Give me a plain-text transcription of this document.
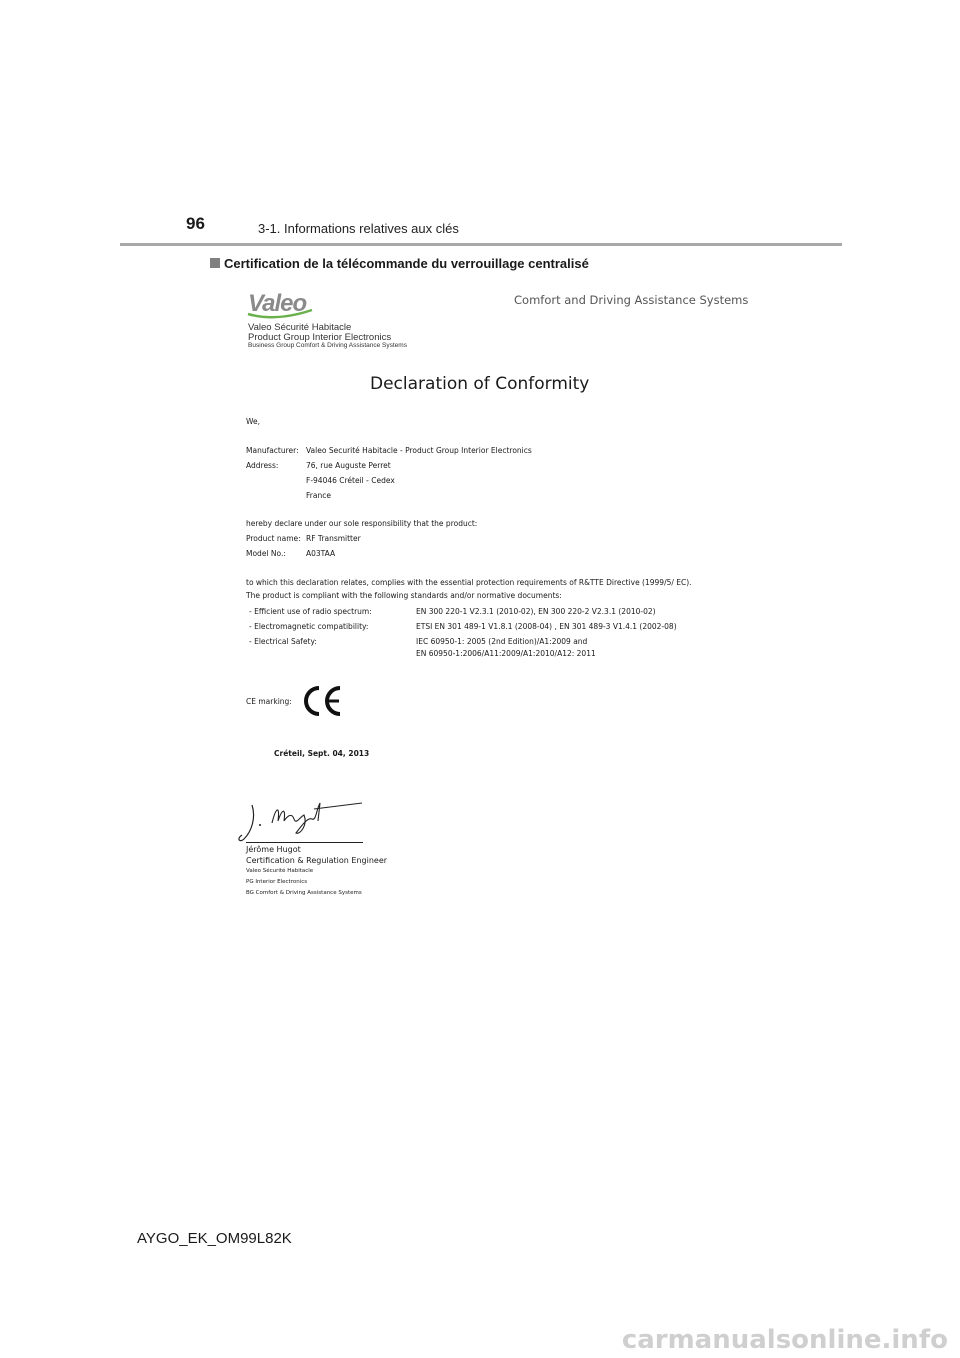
96	3-1. Informations relatives aux clés
Certification de la télécommande du verrouillage centralisé
Valeo	Comfort and Driving Assistance Systems
Valeo Sécurité Habitacle
Product Group Interior Electronics
Business Group Comfort & Driving Assistance Systems
Declaration of Conformity
We,
Manufacturer: Valeo Securité Habitacle - Product Group Interior Electronics
Address:	76, rue Auguste Perret
F-94046 Créteil - Cedex
France
hereby declare under our sole responsibility that the product:
Product name: RF Transmitter
Model No.:	A03TAA
to which this declaration relates, complies with the essential protection requirements of R&TTE Directive (1999/5/ EC).
The product is compliant with the following standards and/or normative documents:
- Efficient use of radio spectrum:	EN 300 220-1 V2.3.1 (2010-02), EN 300 220-2 V2.3.1 (2010-02)
- Electromagnetic compatibility:	ETSI EN 301 489-1 V1.8.1 (2008-04) , EN 301 489-3 V1.4.1 (2002-08)
- Electrical Safety:	IEC 60950-1: 2005 (2nd Edition)/A1:2009 and
EN 60950-1:2006/A11:2009/A1:2010/A12: 2011
CE marking:
Créteil, Sept. 04, 2013
Jérôme Hugot
Certification & Regulation Engineer
Valeo Sécurité Habitacle
PG Interior Electronics
BG Comfort & Driving Assistance Systems
AYGO_EK_OM99L82K
carmanualsonline.info
